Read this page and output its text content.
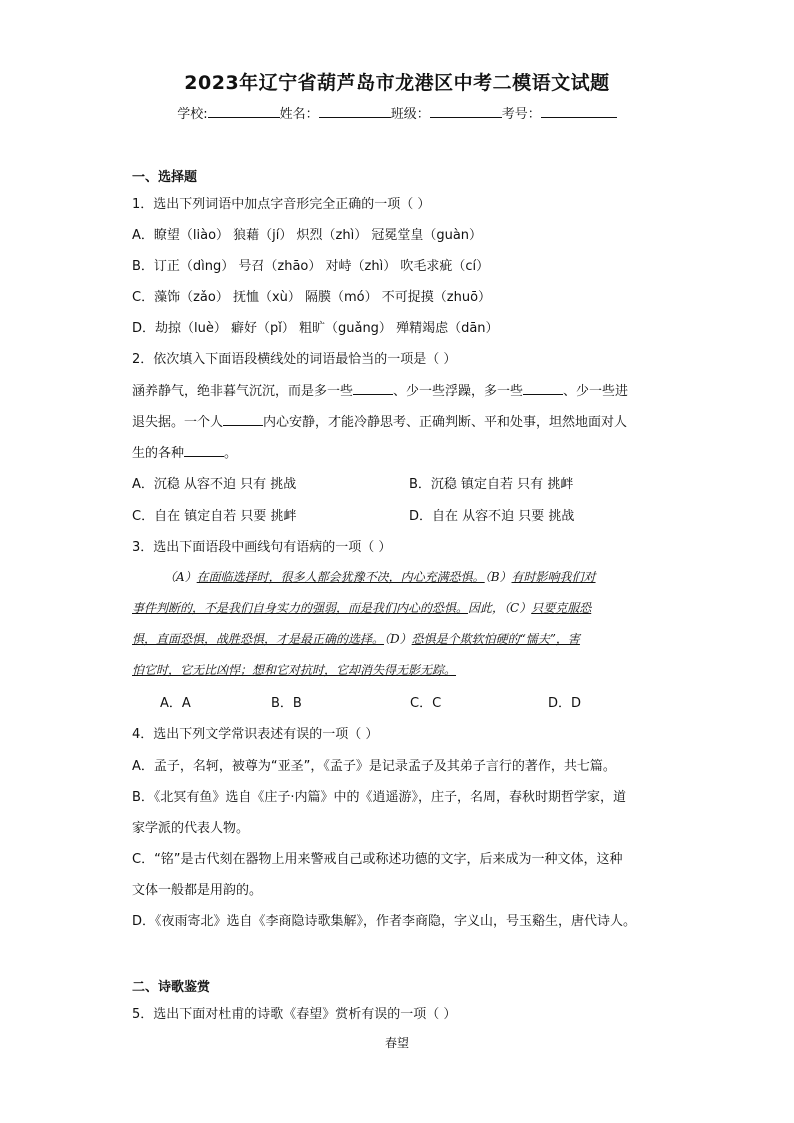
2023年辽宁省葫芦岛市龙港区中考二模语文试题
学校:	姓名：	班级：	考号：
一、选择题
1．选出下列词语中加点字音形完全正确的一项（ ）
A．瞭望（liào） 狼藉（jí） 炽烈（zhì） 冠冕堂皇（guàn）
B．订正（dìng） 号召（zhāo） 对峙（zhì） 吹毛求疵（cí）
C．藻饰（zǎo） 抚恤（xù） 隔膜（mó） 不可捉摸（zhuō）
D．劫掠（luè） 癖好（pǐ） 粗旷（guǎng） 殚精竭虑（dān）
2．依次填入下面语段横线处的词语最恰当的一项是（ ）
涵养静气，绝非暮气沉沉，而是多一些	、少一些浮躁，多一些	、少一些进
退失据。一个人	内心安静，才能冷静思考、正确判断、平和处事，坦然地面对人
生的各种	。
A．沉稳 从容不迫 只有 挑战	B．沉稳 镇定自若 只有 挑衅
C．自在 镇定自若 只要 挑衅	D．自在 从容不迫 只要 挑战
3．选出下面语段中画线句有语病的一项（ ）
（A）在面临选择时，很多人都会犹豫不决，内心充满恐惧。（B）有时影响我们对
事件判断的，不是我们自身实力的强弱，而是我们内心的恐惧。因此，（C）只要克服恐
惧，直面恐惧，战胜恐惧，才是最正确的选择。（D）恐惧是个欺软怕硬的“懦夫”，害
怕它时，它无比凶悍；想和它对抗时，它却消失得无影无踪。
A．A	B．B	C．C	D．D
4．选出下列文学常识表述有误的一项（ ）
A．孟子，名轲，被尊为“亚圣”，《孟子》是记录孟子及其弟子言行的著作，共七篇。
B．《北冥有鱼》选自《庄子·内篇》中的《逍遥游》，庄子，名周，春秋时期哲学家，道
家学派的代表人物。
C．“铭”是古代刻在器物上用来警戒自己或称述功德的文字，后来成为一种文体，这种
文体一般都是用韵的。
D．《夜雨寄北》选自《李商隐诗歌集解》，作者李商隐，字义山，号玉谿生，唐代诗人。
二、诗歌鉴赏
5．选出下面对杜甫的诗歌《春望》赏析有误的一项（ ）
春望
